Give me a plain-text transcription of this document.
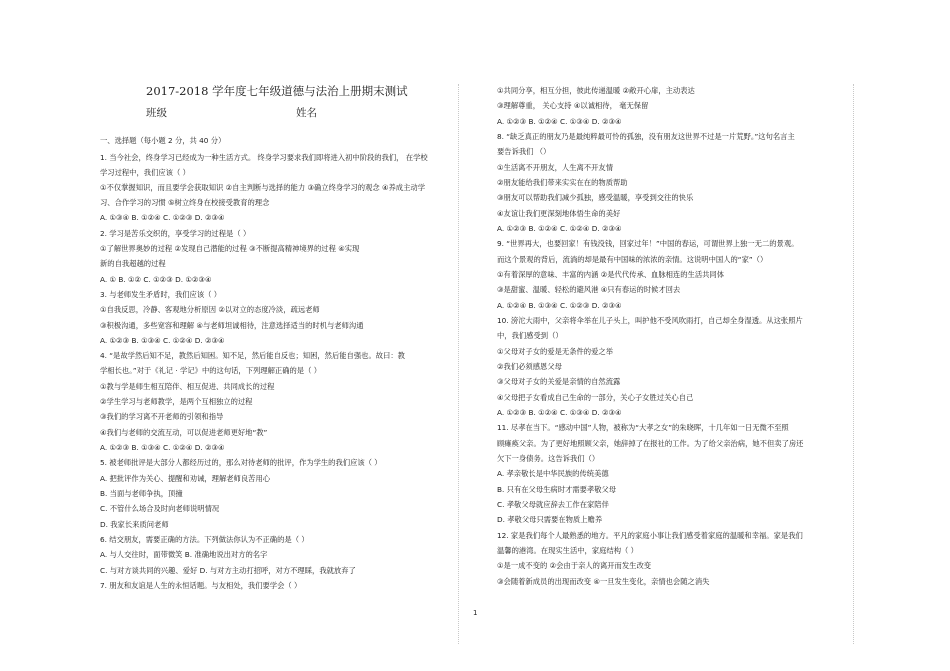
2017-2018 学年度七年级道德与法治上册期末测试
班级	姓名
一、选择题（每小题 2 分，共 40 分）
1. 当今社会，终身学习已经成为一种生活方式。 终身学习要求我们即将进入初中阶段的我们， 在学校
学习过程中，我们应该（ ）
①不仅掌握知识，而且要学会获取知识 ②自主判断与选择的能力 ③确立终身学习的观念 ④养成主动学
习、合作学习的习惯 ⑤树立终身在校接受教育的理念
A. ①③④ B. ①②④ C. ①②③ D. ②③④
2. 学习是苦乐交织的，享受学习的过程是（ ）
①了解世界奥妙的过程 ②发现自己潜能的过程 ③不断提高精神境界的过程 ④实现
新的自我超越的过程
A. ① B. ①② C. ①②③ D. ①②③④
3. 与老师发生矛盾时，我们应该（ ）
①自我反思，冷静、客观地分析原因 ②以对立的态度冷淡，疏远老师
③积极沟通，多些宽容和理解 ④与老师坦诚相待，注意选择适当的时机与老师沟通
A. ①②③ B. ①③④ C. ①②④ D. ②③④
4. “是故学然后知不足，教然后知困。知不足，然后能自反也；知困，然后能自强也。故曰：教
学相长也。”对于《礼记 · 学记》中的这句话，下列理解正确的是（ ）
①教与学是师生相互陪伴、相互促进、共同成长的过程
②学生学习与老师教学，是两个互相独立的过程
③我们的学习离不开老师的引领和指导
④我们与老师的交流互动，可以促进老师更好地“教”
A. ①②③ B. ①③④ C. ①②④ D. ②③④
5. 被老师批评是大部分人都经历过的，那么对待老师的批评，作为学生的我们应该（ ）
A. 把批评作为关心、提醒和劝诫，理解老师良苦用心
B. 当面与老师争执，顶撞
C. 不管什么场合及时向老师说明情况
D. 我家长来质问老师
6. 结交朋友，需要正确的方法。下列做法你认为不正确的是（ ）
A. 与人交往时，面带微笑 B. 准确地说出对方的名字
C. 与对方谈共同的兴趣、爱好 D. 与对方主动打招呼，对方不理睬，我就放弃了
7. 朋友和友谊是人生的永恒话题。与友相处，我们要学会（ ）
①共同分享，相互分担，彼此传递温暖 ②敞开心扉，主动表达
③理解尊重， 关心支持 ④以诚相待， 毫无保留
A. ①②③ B. ①②④ C. ①③④ D. ②③④
8. “缺乏真正的朋友乃是最纯粹最可怜的孤独，没有朋友这世界不过是一片荒野。”这句名言主
要告诉我们 （）
①生活离不开朋友，人生离不开友情
②朋友能给我们带来实实在在的物质帮助
③朋友可以帮助我们减少孤独，感受温暖，享受到交往的快乐
④友谊让我们更深刻地体悟生命的美好
A. ①②③ B. ①②④ C. ①②④ D. ②③④
9. “世界再大，也要回家！有钱没钱，回家过年！”中国的春运，可谓世界上独一无二的景观。
而这个景观的背后，流淌的却是最有中国味的浓浓的亲情。这说明中国人的“家”（）
①有着深厚的意味、丰富的内涵 ②是代代传承、血脉相连的生活共同体
③是甜蜜、温暖、轻松的避风港 ④只有春运的时候才回去
A. ①②④ B. ①③④ C. ①②③ D. ②③④
10. 滂沱大雨中，父亲将伞举在儿子头上，叫护他不受风吹雨打，自己却全身湿透。从这张照片
中，我们感受到（）
①父母对子女的爱是无条件的爱之举
②我们必须感恩父母
③父母对子女的关爱是亲情的自然流露
④父母把子女看成自己生命的一部分，关心子女胜过关心自己
A. ①②③ B. ①②④ C. ①③④ D. ②③④
11. 尽孝在当下。“感动中国”人物，被称为“大孝之女”的朱晓晖，十几年如一日无微不至照
顾瘫痪父亲。为了更好地照顾父亲，她辞掉了在报社的工作。为了给父亲治病，她不但卖了房还
欠下一身债务。这告诉我们（）
A. 孝亲敬长是中华民族的传统美德
B. 只有在父母生病时才需要孝敬父母
C. 孝敬父母就应辞去工作在家陪伴
D. 孝敬父母只需要在物质上赡养
12. 家是我们每个人最熟悉的地方。平凡的家庭小事让我们感受着家庭的温暖和幸福。家是我们
温馨的港湾。在现实生活中，家庭结构（ ）
①是一成不变的 ②会由于亲人的离开而发生改变
③会随着新成员的出现而改变 ④一旦发生变化，亲情也会随之消失
1
